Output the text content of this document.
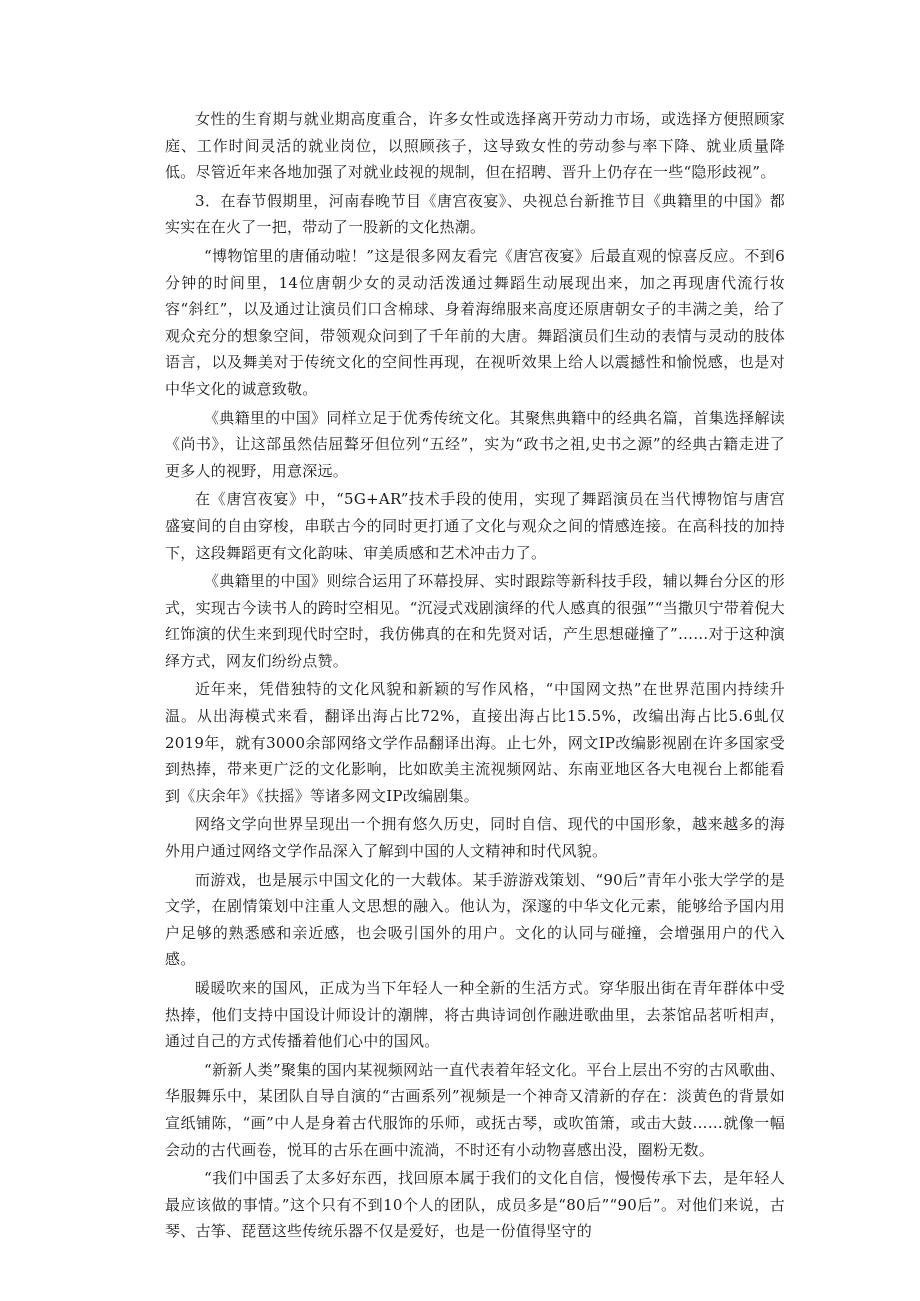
女性的生育期与就业期高度重合，许多女性或选择离开劳动力市场，或选择方便照顾家庭、工作时间灵活的就业岗位，以照顾孩子，这导致女性的劳动参与率下降、就业质量降低。尽管近年来各地加强了对就业歧视的规制，但在招聘、晋升上仍存在一些“隐形歧视”。

3．在春节假期里，河南春晚节目《唐宫夜宴》、央视总台新推节目《典籍里的中国》都实实在在火了一把，带动了一股新的文化热潮。

“博物馆里的唐俑动啦！”这是很多网友看完《唐宫夜宴》后最直观的惊喜反应。不到6分钟的时间里，14位唐朝少女的灵动活泼通过舞蹈生动展现出来，加之再现唐代流行妆容“斜红”，以及通过让演员们口含棉球、身着海绵服来高度还原唐朝女子的丰满之美，给了观众充分的想象空间，带领观众问到了千年前的大唐。舞蹈演员们生动的表情与灵动的肢体语言，以及舞美对于传统文化的空间性再现，在视听效果上给人以震撼性和愉悦感，也是对中华文化的诚意致敬。

《典籍里的中国》同样立足于优秀传统文化。其聚焦典籍中的经典名篇，首集选择解读《尚书》，让这部虽然佶屈聱牙但位列“五经”，实为“政书之祖,史书之源”的经典古籍走进了更多人的视野，用意深远。

在《唐宫夜宴》中，“5G+AR”技术手段的使用，实现了舞蹈演员在当代博物馆与唐宫盛宴间的自由穿梭，串联古今的同时更打通了文化与观众之间的情感连接。在高科技的加持下，这段舞蹈更有文化韵味、审美质感和艺术冲击力了。

《典籍里的中国》则综合运用了环幕投屏、实时跟踪等新科技手段，辅以舞台分区的形式，实现古今读书人的跨时空相见。“沉浸式戏剧演绎的代人感真的很强”“当撒贝宁带着倪大红饰演的伏生来到现代时空时，我仿佛真的在和先贤对话，产生思想碰撞了”……对于这种演绎方式，网友们纷纷点赞。

近年来，凭借独特的文化风貌和新颖的写作风格，“中国网文热”在世界范围内持续升温。从出海模式来看，翻译出海占比72%，直接出海占比15.5%，改编出海占比5.6虬仅2019年，就有3000余部网络文学作品翻译出海。止七外，网文IP改编影视剧在许多国家受到热捧，带来更广泛的文化影响，比如欧美主流视频网站、东南亚地区各大电视台上都能看到《庆余年》《扶摇》等诸多网文IP改编剧集。

网络文学向世界呈现出一个拥有悠久历史，同时自信、现代的中国形象，越来越多的海外用户通过网络文学作品深入了解到中国的人文精神和时代风貌。

而游戏，也是展示中国文化的一大载体。某手游游戏策划、“90后”青年小张大学学的是文学，在剧情策划中注重人文思想的融入。他认为，深邃的中华文化元素，能够给予国内用户足够的熟悉感和亲近感，也会吸引国外的用户。文化的认同与碰撞，会增强用户的代入感。

暖暖吹来的国风，正成为当下年轻人一种全新的生活方式。穿华服出街在青年群体中受热捧，他们支持中国设计师设计的潮牌，将古典诗词创作融进歌曲里，去茶馆品茗听相声，通过自己的方式传播着他们心中的国风。

“新新人类”聚集的国内某视频网站一直代表着年轻文化。平台上层出不穷的古风歌曲、华服舞乐中，某团队自导自演的“古画系列”视频是一个神奇又清新的存在：淡黄色的背景如宣纸铺陈，“画”中人是身着古代服饰的乐师，或抚古琴，或吹笛箫，或击大鼓……就像一幅会动的古代画卷，悦耳的古乐在画中流淌，不时还有小动物喜感出没，圈粉无数。

“我们中国丢了太多好东西，找回原本属于我们的文化自信，慢慢传承下去，是年轻人最应该做的事情。”这个只有不到10个人的团队，成员多是“80后”“90后”。对他们来说，古琴、古筝、琵琶这些传统乐器不仅是爱好，也是一份值得坚守的
